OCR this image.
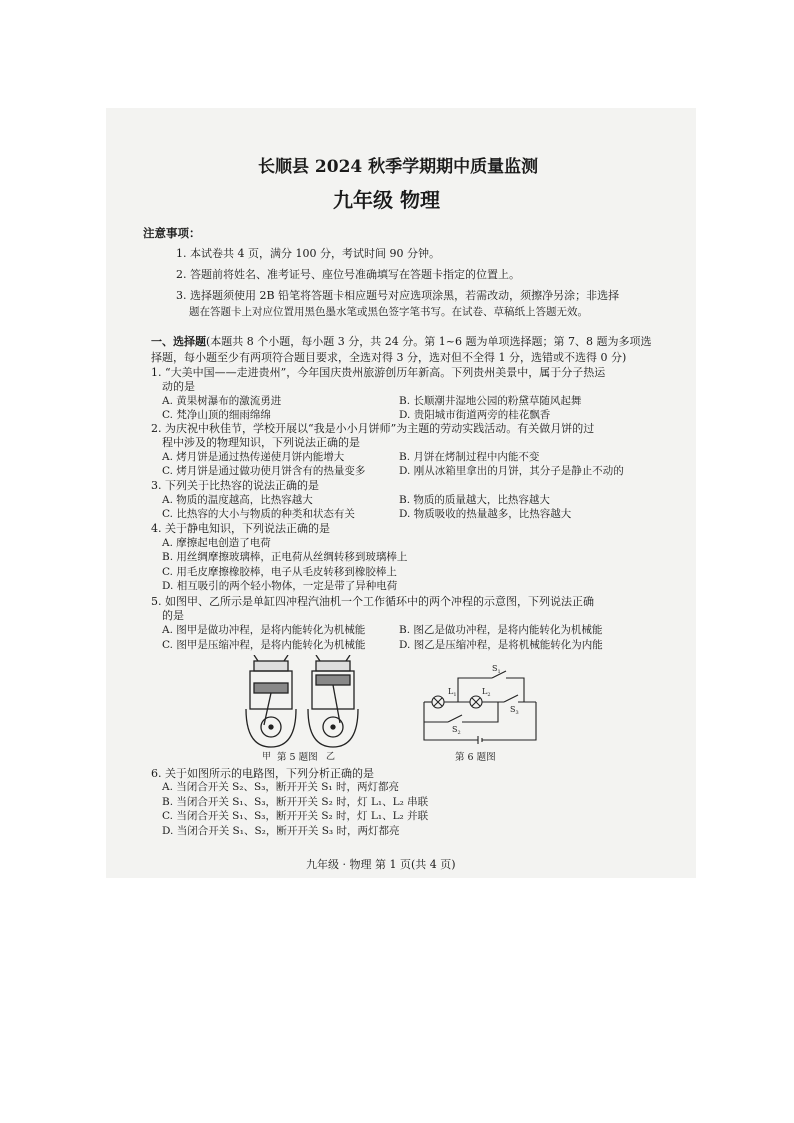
长顺县 2024 秋季学期期中质量监测
九年级 物理
注意事项：
1. 本试卷共 4 页，满分 100 分，考试时间 90 分钟。
2. 答题前将姓名、准考证号、座位号准确填写在答题卡指定的位置上。
3. 选择题须使用 2B 铅笔将答题卡相应题号对应选项涂黑，若需改动，须擦净另涂；非选择
题在答题卡上对应位置用黑色墨水笔或黑色签字笔书写。在试卷、草稿纸上答题无效。
一、选择题(本题共 8 个小题，每小题 3 分，共 24 分。第 1~6 题为单项选择题；第 7、8 题为多项选
择题，每小题至少有两项符合题目要求，全选对得 3 分，选对但不全得 1 分，选错或不选得 0 分)
1. “大美中国——走进贵州”，今年国庆贵州旅游创历年新高。下列贵州美景中，属于分子热运
动的是
A. 黄果树瀑布的激流勇进	B. 长顺潮井湿地公园的粉黛草随风起舞
C. 梵净山顶的细雨绵绵	D. 贵阳城市街道两旁的桂花飘香
2. 为庆祝中秋佳节，学校开展以“我是小小月饼师”为主题的劳动实践活动。有关做月饼的过
程中涉及的物理知识，下列说法正确的是
A. 烤月饼是通过热传递使月饼内能增大	B. 月饼在烤制过程中内能不变
C. 烤月饼是通过做功使月饼含有的热量变多	D. 刚从冰箱里拿出的月饼，其分子是静止不动的
3. 下列关于比热容的说法正确的是
A. 物质的温度越高，比热容越大	B. 物质的质量越大，比热容越大
C. 比热容的大小与物质的种类和状态有关	D. 物质吸收的热量越多，比热容越大
4. 关于静电知识，下列说法正确的是
A. 摩擦起电创造了电荷
B. 用丝绸摩擦玻璃棒，正电荷从丝绸转移到玻璃棒上
C. 用毛皮摩擦橡胶棒，电子从毛皮转移到橡胶棒上
D. 相互吸引的两个轻小物体，一定是带了异种电荷
5. 如图甲、乙所示是单缸四冲程汽油机一个工作循环中的两个冲程的示意图，下列说法正确
的是
A. 图甲是做功冲程，是将内能转化为机械能	B. 图乙是做功冲程，是将内能转化为机械能
C. 图甲是压缩冲程，是将内能转化为机械能	D. 图乙是压缩冲程，是将机械能转化为内能
甲	乙
第 5 题图
$S_1$
$L_1$	$L_2$
$S_3$
$S_2$
第 6 题图
6. 关于如图所示的电路图，下列分析正确的是
A. 当闭合开关 S₂、S₃，断开开关 S₁ 时，两灯都亮
B. 当闭合开关 S₁、S₃，断开开关 S₂ 时，灯 L₁、L₂ 串联
C. 当闭合开关 S₁、S₃，断开开关 S₂ 时，灯 L₁、L₂ 并联
D. 当闭合开关 S₁、S₂，断开开关 S₃ 时，两灯都亮
九年级 · 物理 第 1 页(共 4 页)
